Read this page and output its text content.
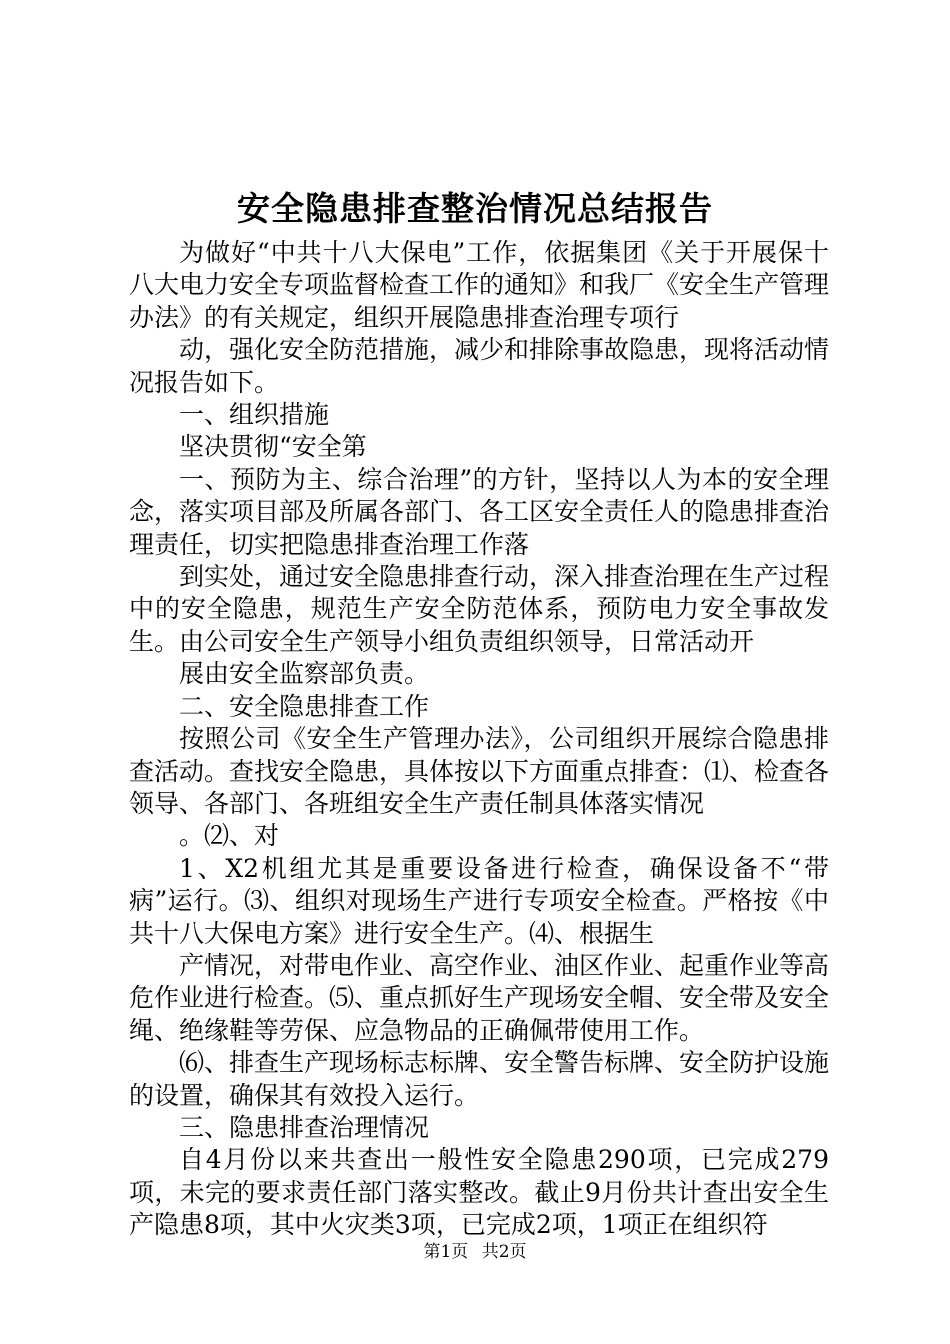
安全隐患排查整治情况总结报告

为做好“中共十八大保电”工作，依据集团《关于开展保十八大电力安全专项监督检查工作的通知》和我厂《安全生产管理办法》的有关规定，组织开展隐患排查治理专项行

动，强化安全防范措施，减少和排除事故隐患，现将活动情况报告如下。

一、组织措施

坚决贯彻“安全第

一、预防为主、综合治理”的方针，坚持以人为本的安全理念，落实项目部及所属各部门、各工区安全责任人的隐患排查治理责任，切实把隐患排查治理工作落

到实处，通过安全隐患排查行动，深入排查治理在生产过程中的安全隐患，规范生产安全防范体系，预防电力安全事故发生。由公司安全生产领导小组负责组织领导，日常活动开

展由安全监察部负责。

二、安全隐患排查工作

按照公司《安全生产管理办法》，公司组织开展综合隐患排查活动。查找安全隐患，具体按以下方面重点排查：⑴、检查各领导、各部门、各班组安全生产责任制具体落实情况

。⑵、对

1、X2机组尤其是重要设备进行检查，确保设备不“带病”运行。⑶、组织对现场生产进行专项安全检查。严格按《中共十八大保电方案》进行安全生产。⑷、根据生

产情况，对带电作业、高空作业、油区作业、起重作业等高危作业进行检查。⑸、重点抓好生产现场安全帽、安全带及安全绳、绝缘鞋等劳保、应急物品的正确佩带使用工作。

⑹、排查生产现场标志标牌、安全警告标牌、安全防护设施的设置，确保其有效投入运行。

三、隐患排查治理情况

自4月份以来共查出一般性安全隐患290项，已完成279项，未完的要求责任部门落实整改。截止9月份共计查出安全生产隐患8项，其中火灾类3项，已完成2项，1项正在组织符

第1页 共2页
